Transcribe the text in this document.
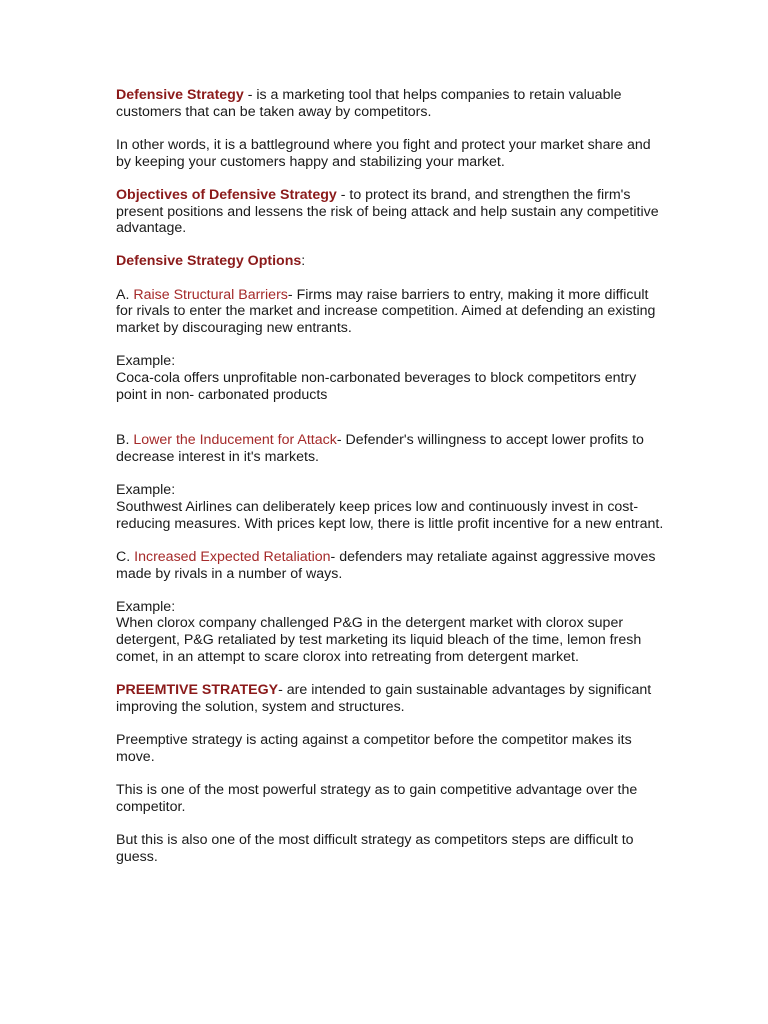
Defensive Strategy - is a marketing tool that helps companies to retain valuable customers that can be taken away by competitors.

In other words, it is a battleground where you fight and protect your market share and by keeping your customers happy and stabilizing your market.

Objectives of Defensive Strategy - to protect its brand, and strengthen the firm's present positions and lessens the risk of being attack and help sustain any competitive advantage.

Defensive Strategy Options:

A. Raise Structural Barriers- Firms may raise barriers to entry, making it more difficult for rivals to enter the market and increase competition. Aimed at defending an existing market by discouraging new entrants.

Example:
Coca-cola offers unprofitable non-carbonated beverages to block competitors entry point in non- carbonated products

B. Lower the Inducement for Attack- Defender's willingness to accept lower profits to decrease interest in it's markets.

Example:
Southwest Airlines can deliberately keep prices low and continuously invest in cost-reducing measures. With prices kept low, there is little profit incentive for a new entrant.

C. Increased Expected Retaliation- defenders may retaliate against aggressive moves made by rivals in a number of ways.

Example:
When clorox company challenged P&G in the detergent market with clorox super detergent, P&G retaliated by test marketing its liquid bleach of the time, lemon fresh comet, in an attempt to scare clorox into retreating from detergent market.

PREEMTIVE STRATEGY- are intended to gain sustainable advantages by significant improving the solution, system and structures.

Preemptive strategy is acting against a competitor before the competitor makes its move.

This is one of the most powerful strategy as to gain competitive advantage over the competitor.

But this is also one of the most difficult strategy as competitors steps are difficult to guess.
